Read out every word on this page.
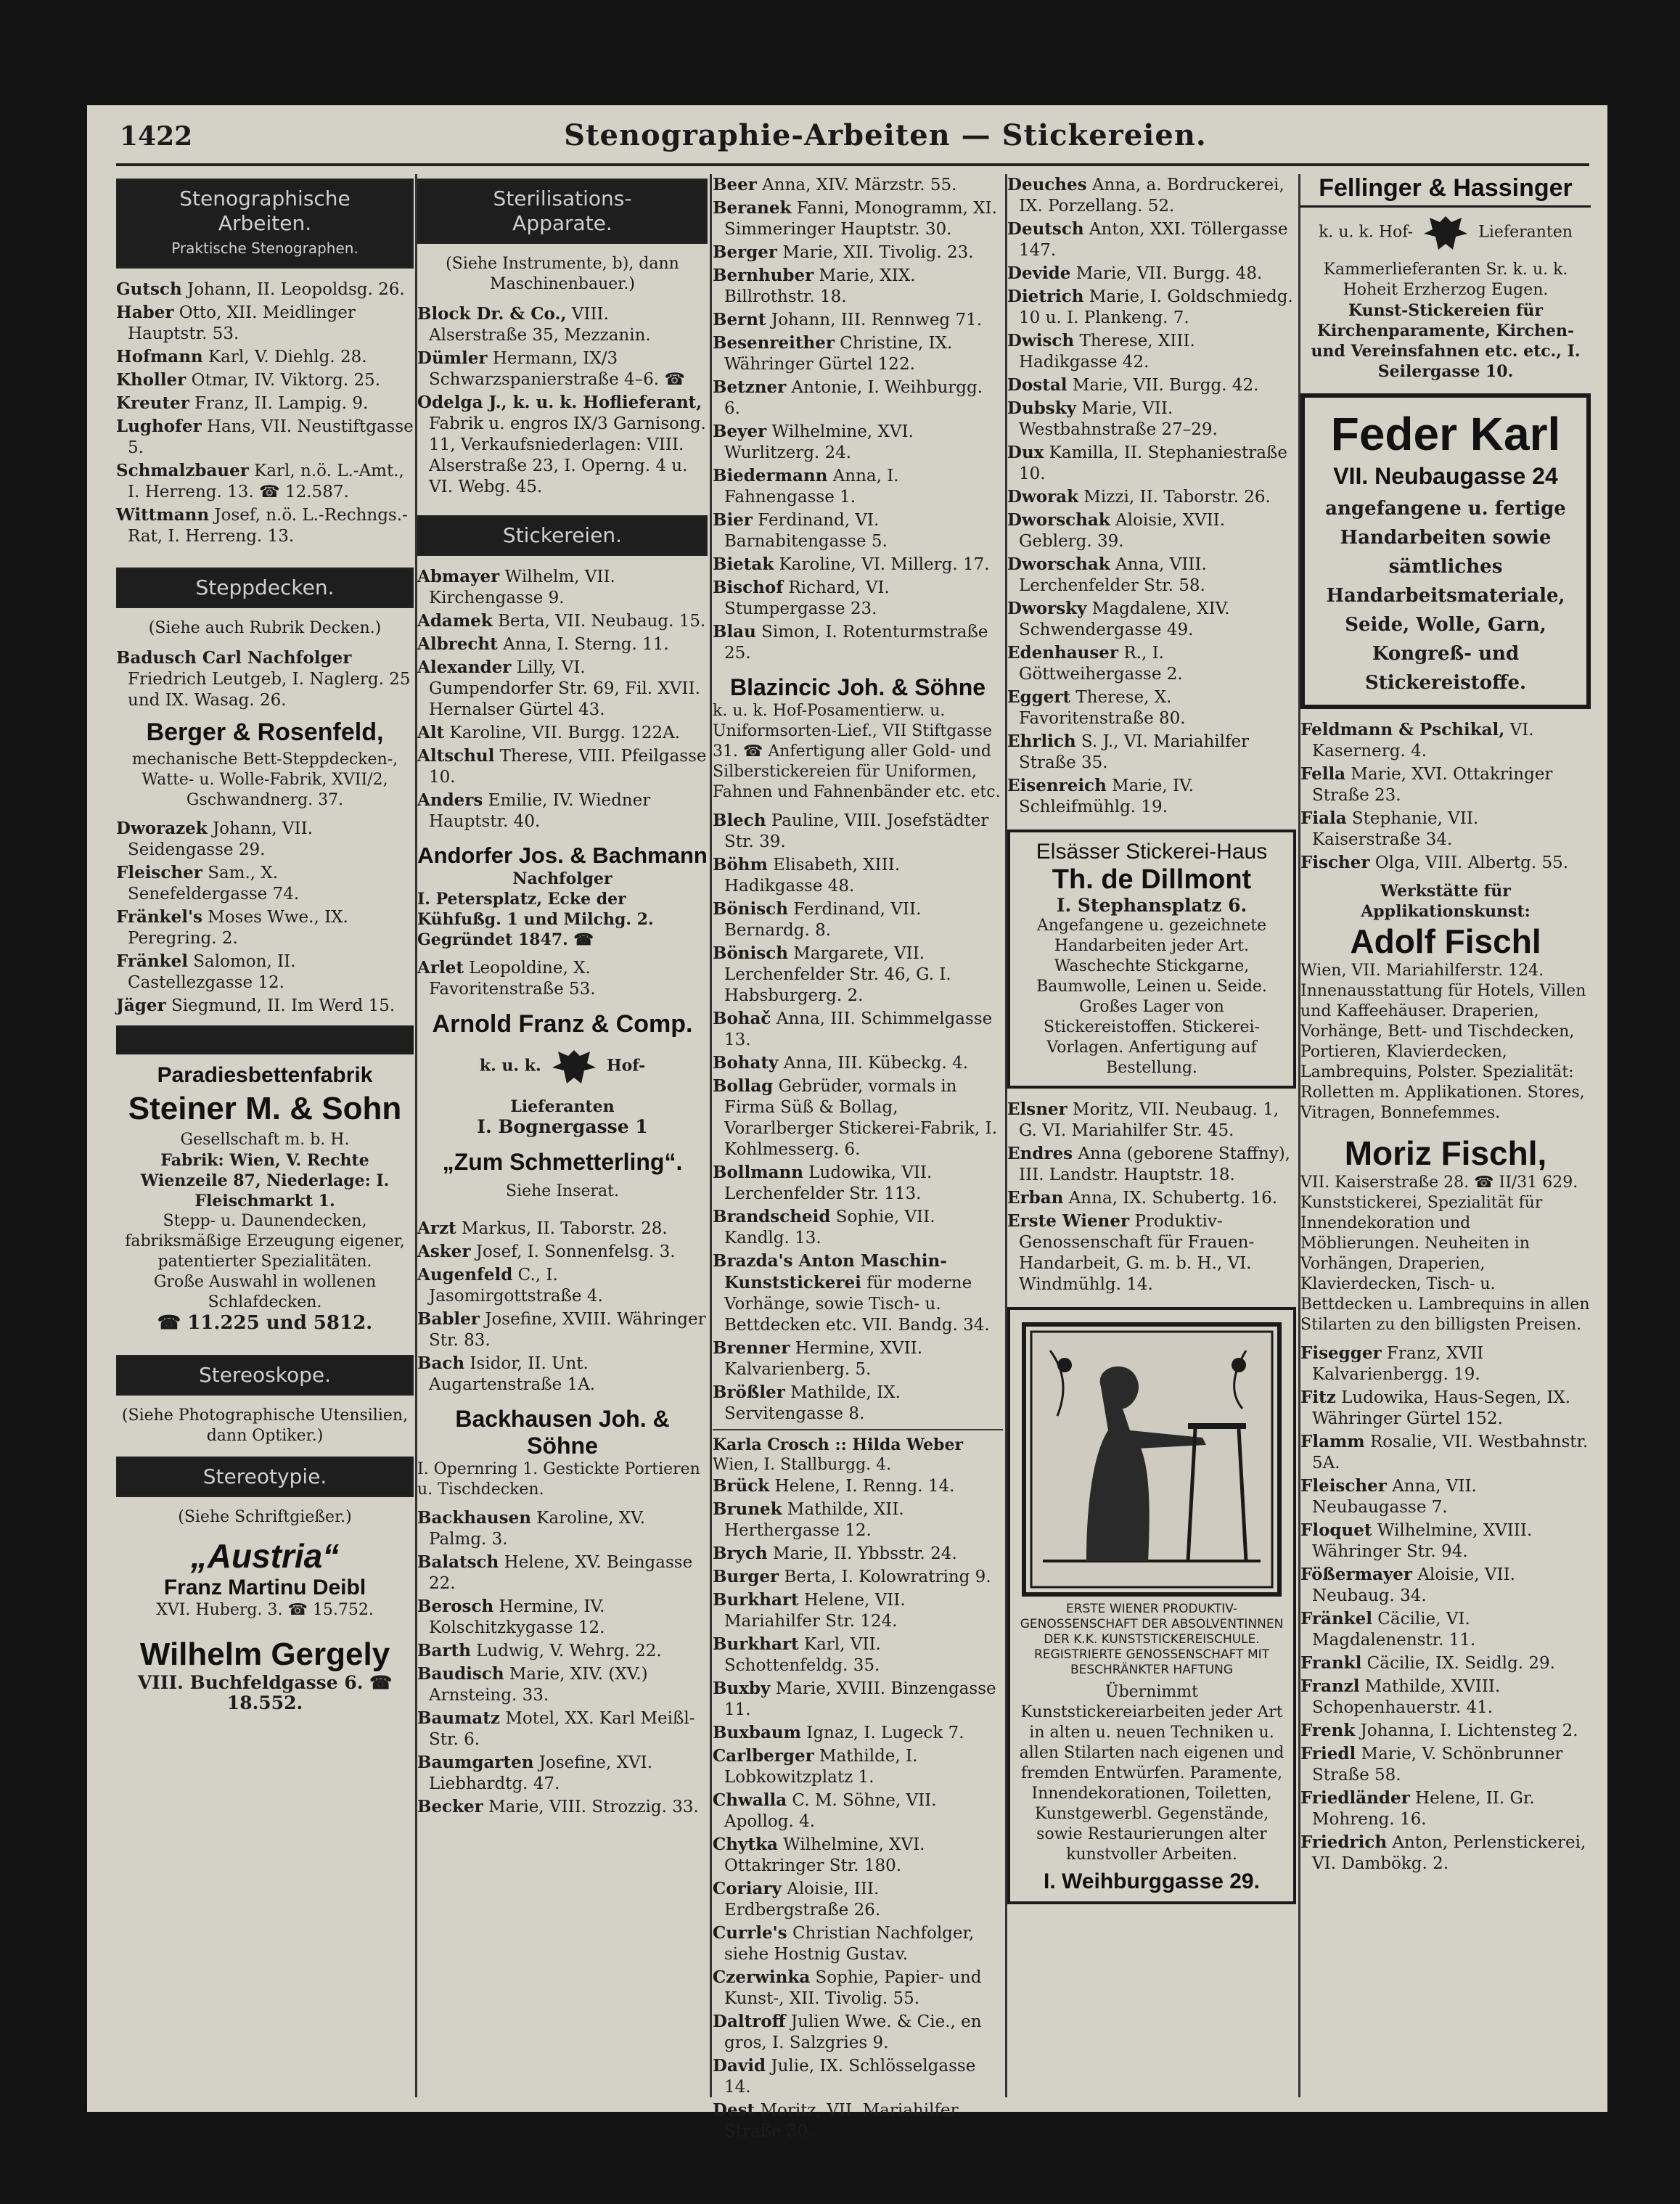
1422	Stenographie-Arbeiten — Stickereien.
Stenographische
Arbeiten.
Praktische Stenographen.
Gutsch Johann, II. Leopoldsg. 26.
Haber Otto, XII. Meidlinger Hauptstr. 53.
Hofmann Karl, V. Diehlg. 28.
Kholler Otmar, IV. Viktorg. 25.
Kreuter Franz, II. Lampig. 9.
Lughofer Hans, VII. Neustiftgasse 5.
Schmalzbauer Karl, n.ö. L.-Amt., I. Herreng. 13. ☎ 12.587.
Wittmann Josef, n.ö. L.-Rechngs.-Rat, I. Herreng. 13.
Steppdecken.
(Siehe auch Rubrik Decken.)
Badusch Carl Nachfolger Friedrich Leutgeb, I. Naglerg. 25 und IX. Wasag. 26.
Berger & Rosenfeld,
mechanische Bett-Steppdecken-, Watte- u. Wolle-Fabrik, XVII/2, Gschwandnerg. 37.
Dworazek Johann, VII. Seidengasse 29.
Fleischer Sam., X. Senefeldergasse 74.
Fränkel's Moses Wwe., IX. Peregring. 2.
Fränkel Salomon, II. Castellezgasse 12.
Jäger Siegmund, II. Im Werd 15.
Paradiesbettenfabrik
Steiner M. & Sohn
Gesellschaft m. b. H.
Fabrik: Wien, V. Rechte Wienzeile 87, Niederlage: I. Fleischmarkt 1.
Stepp- u. Daunendecken, fabriksmäßige Erzeugung eigener, patentierter Spezialitäten.
Große Auswahl in wollenen Schlafdecken.
☎ 11.225 und 5812.
Stereoskope.
(Siehe Photographische Utensilien, dann Optiker.)
Stereotypie.
(Siehe Schriftgießer.)
„Austria“
Franz Martinu Deibl
XVI. Huberg. 3. ☎ 15.752.
Wilhelm Gergely
VIII. Buchfeldgasse 6. ☎ 18.552.
Sterilisations-
Apparate.
(Siehe Instrumente, b), dann Maschinenbauer.)
Block Dr. & Co., VIII. Alserstraße 35, Mezzanin.
Dümler Hermann, IX/3 Schwarzspanierstraße 4–6. ☎
Odelga J., k. u. k. Hoflieferant, Fabrik u. engros IX/3 Garnisong. 11, Verkaufsniederlagen: VIII. Alserstraße 23, I. Operng. 4 u. VI. Webg. 45.
Stickereien.
Abmayer Wilhelm, VII. Kirchengasse 9.
Adamek Berta, VII. Neubaug. 15.
Albrecht Anna, I. Sterng. 11.
Alexander Lilly, VI. Gumpendorfer Str. 69, Fil. XVII. Hernalser Gürtel 43.
Alt Karoline, VII. Burgg. 122A.
Altschul Therese, VIII. Pfeilgasse 10.
Anders Emilie, IV. Wiedner Hauptstr. 40.
Andorfer Jos. & Bachmann
Nachfolger
I. Petersplatz, Ecke der Kühfußg. 1 und Milchg. 2.
Gegründet 1847. ☎
Arlet Leopoldine, X. Favoritenstraße 53.
Arnold Franz & Comp.
k. u. k.	Hof-
Lieferanten
I. Bognergasse 1
„Zum Schmetterling“.
Siehe Inserat.
Arzt Markus, II. Taborstr. 28.
Asker Josef, I. Sonnenfelsg. 3.
Augenfeld C., I. Jasomirgottstraße 4.
Babler Josefine, XVIII. Währinger Str. 83.
Bach Isidor, II. Unt. Augartenstraße 1A.
Backhausen Joh. & Söhne
I. Opernring 1. Gestickte Portieren u. Tischdecken.
Backhausen Karoline, XV. Palmg. 3.
Balatsch Helene, XV. Beingasse 22.
Berosch Hermine, IV. Kolschitzkygasse 12.
Barth Ludwig, V. Wehrg. 22.
Baudisch Marie, XIV. (XV.) Arnsteing. 33.
Baumatz Motel, XX. Karl Meißl-Str. 6.
Baumgarten Josefine, XVI. Liebhardtg. 47.
Becker Marie, VIII. Strozzig. 33.
Beer Anna, XIV. Märzstr. 55.
Beranek Fanni, Monogramm, XI. Simmeringer Hauptstr. 30.
Berger Marie, XII. Tivolig. 23.
Bernhuber Marie, XIX. Billrothstr. 18.
Bernt Johann, III. Rennweg 71.
Besenreither Christine, IX. Währinger Gürtel 122.
Betzner Antonie, I. Weihburgg. 6.
Beyer Wilhelmine, XVI. Wurlitzerg. 24.
Biedermann Anna, I. Fahnengasse 1.
Bier Ferdinand, VI. Barnabitengasse 5.
Bietak Karoline, VI. Millerg. 17.
Bischof Richard, VI. Stumpergasse 23.
Blau Simon, I. Rotenturmstraße 25.
Blazincic Joh. & Söhne
k. u. k. Hof-Posamentierw. u. Uniformsorten-Lief., VII Stiftgasse 31. ☎ Anfertigung aller Gold- und Silberstickereien für Uniformen, Fahnen und Fahnenbänder etc. etc.
Blech Pauline, VIII. Josefstädter Str. 39.
Böhm Elisabeth, XIII. Hadikgasse 48.
Bönisch Ferdinand, VII. Bernardg. 8.
Bönisch Margarete, VII. Lerchenfelder Str. 46, G. I. Habsburgerg. 2.
Bohač Anna, III. Schimmelgasse 13.
Bohaty Anna, III. Kübeckg. 4.
Bollag Gebrüder, vormals in Firma Süß & Bollag, Vorarlberger Stickerei-Fabrik, I. Kohlmesserg. 6.
Bollmann Ludowika, VII. Lerchenfelder Str. 113.
Brandscheid Sophie, VII. Kandlg. 13.
Brazda's Anton Maschin-Kunststickerei für moderne Vorhänge, sowie Tisch- u. Bettdecken etc. VII. Bandg. 34.
Brenner Hermine, XVII. Kalvarienberg. 5.
Brößler Mathilde, IX. Servitengasse 8.
Karla Crosch :: Hilda Weber
Wien, I. Stallburgg. 4.
Brück Helene, I. Renng. 14.
Brunek Mathilde, XII. Herthergasse 12.
Brych Marie, II. Ybbsstr. 24.
Burger Berta, I. Kolowratring 9.
Burkhart Helene, VII. Mariahilfer Str. 124.
Burkhart Karl, VII. Schottenfeldg. 35.
Buxby Marie, XVIII. Binzengasse 11.
Buxbaum Ignaz, I. Lugeck 7.
Carlberger Mathilde, I. Lobkowitzplatz 1.
Chwalla C. M. Söhne, VII. Apollog. 4.
Chytka Wilhelmine, XVI. Ottakringer Str. 180.
Coriary Aloisie, III. Erdbergstraße 26.
Currle's Christian Nachfolger, siehe Hostnig Gustav.
Czerwinka Sophie, Papier- und Kunst-, XII. Tivolig. 55.
Daltroff Julien Wwe. & Cie., en gros, I. Salzgries 9.
David Julie, IX. Schlösselgasse 14.
Dest Moritz, VII. Mariahilfer Straße 30.
Deuches Anna, a. Bordruckerei, IX. Porzellang. 52.
Deutsch Anton, XXI. Töllergasse 147.
Devide Marie, VII. Burgg. 48.
Dietrich Marie, I. Goldschmiedg. 10 u. I. Plankeng. 7.
Dwisch Therese, XIII. Hadikgasse 42.
Dostal Marie, VII. Burgg. 42.
Dubsky Marie, VII. Westbahnstraße 27–29.
Dux Kamilla, II. Stephaniestraße 10.
Dworak Mizzi, II. Taborstr. 26.
Dworschak Aloisie, XVII. Geblerg. 39.
Dworschak Anna, VIII. Lerchenfelder Str. 58.
Dworsky Magdalene, XIV. Schwendergasse 49.
Edenhauser R., I. Göttweihergasse 2.
Eggert Therese, X. Favoritenstraße 80.
Ehrlich S. J., VI. Mariahilfer Straße 35.
Eisenreich Marie, IV. Schleifmühlg. 19.
Elsässer Stickerei-Haus
Th. de Dillmont
I. Stephansplatz 6.
Angefangene u. gezeichnete Handarbeiten jeder Art. Waschechte Stickgarne, Baumwolle, Leinen u. Seide. Großes Lager von Stickereistoffen. Stickerei-Vorlagen. Anfertigung auf Bestellung.
Elsner Moritz, VII. Neubaug. 1, G. VI. Mariahilfer Str. 45.
Endres Anna (geborene Staffny), III. Landstr. Hauptstr. 18.
Erban Anna, IX. Schubertg. 16.
Erste Wiener Produktiv-Genossenschaft für Frauen-Handarbeit, G. m. b. H., VI. Windmühlg. 14.
ERSTE WIENER PRODUKTIV-GENOSSENSCHAFT DER ABSOLVENTINNEN DER K.K. KUNSTSTICKEREISCHULE. REGISTRIERTE GENOSSENSCHAFT MIT BESCHRÄNKTER HAFTUNG
Übernimmt Kunststickereiarbeiten jeder Art in alten u. neuen Techniken u. allen Stilarten nach eigenen und fremden Entwürfen. Paramente, Innendekorationen, Toiletten, Kunstgewerbl. Gegenstände, sowie Restaurierungen alter kunstvoller Arbeiten.
I. Weihburggasse 29.
Fellinger & Hassinger
k. u. k. Hof-	Lieferanten
Kammerlieferanten Sr. k. u. k. Hoheit Erzherzog Eugen.
Kunst-Stickereien für Kirchenparamente, Kirchen- und Vereinsfahnen etc. etc., I. Seilergasse 10.
Feder Karl
VII. Neubaugasse 24
angefangene u. fertige Handarbeiten sowie sämtliches Handarbeitsmateriale, Seide, Wolle, Garn, Kongreß- und Stickereistoffe.
Feldmann & Pschikal, VI. Kasernerg. 4.
Fella Marie, XVI. Ottakringer Straße 23.
Fiala Stephanie, VII. Kaiserstraße 34.
Fischer Olga, VIII. Albertg. 55.
Werkstätte für Applikationskunst:
Adolf Fischl
Wien, VII. Mariahilferstr. 124. Innenausstattung für Hotels, Villen und Kaffeehäuser. Draperien, Vorhänge, Bett- und Tischdecken, Portieren, Klavierdecken, Lambrequins, Polster. Spezialität: Rolletten m. Applikationen. Stores, Vitragen, Bonnefemmes.
Moriz Fischl,
VII. Kaiserstraße 28. ☎ II/31 629. Kunststickerei, Spezialität für Innendekoration und Möblierungen. Neuheiten in Vorhängen, Draperien, Klavierdecken, Tisch- u. Bettdecken u. Lambrequins in allen Stilarten zu den billigsten Preisen.
Fisegger Franz, XVII Kalvarienbergg. 19.
Fitz Ludowika, Haus-Segen, IX. Währinger Gürtel 152.
Flamm Rosalie, VII. Westbahnstr. 5A.
Fleischer Anna, VII. Neubaugasse 7.
Floquet Wilhelmine, XVIII. Währinger Str. 94.
Fößermayer Aloisie, VII. Neubaug. 34.
Fränkel Cäcilie, VI. Magdalenenstr. 11.
Frankl Cäcilie, IX. Seidlg. 29.
Franzl Mathilde, XVIII. Schopenhauerstr. 41.
Frenk Johanna, I. Lichtensteg 2.
Friedl Marie, V. Schönbrunner Straße 58.
Friedländer Helene, II. Gr. Mohreng. 16.
Friedrich Anton, Perlenstickerei, VI. Dambökg. 2.
